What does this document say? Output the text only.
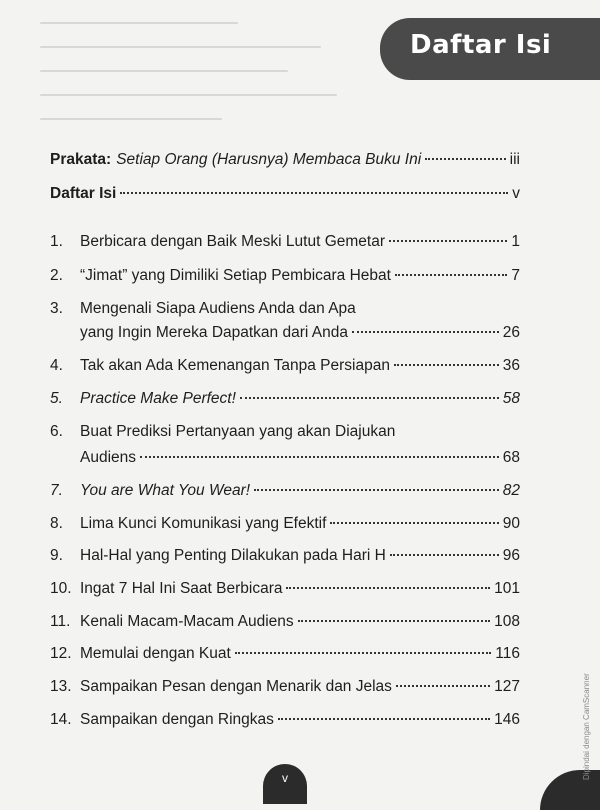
Daftar Isi
Prakata: Setiap Orang (Harusnya) Membaca Buku Ini	iii
Daftar Isi	v
1.	Berbicara dengan Baik Meski Lutut Gemetar	1
2.	“Jimat” yang Dimiliki Setiap Pembicara Hebat	7
3.	Mengenali Siapa Audiens Anda dan Apa
yang Ingin Mereka Dapatkan dari Anda	26
4.	Tak akan Ada Kemenangan Tanpa Persiapan	36
5.	Practice Make Perfect!	58
6.	Buat Prediksi Pertanyaan yang akan Diajukan
Audiens	68
7.	You are What You Wear!	82
8.	Lima Kunci Komunikasi yang Efektif	90
9.	Hal-Hal yang Penting Dilakukan pada Hari H	96
10. Ingat 7 Hal Ini Saat Berbicara	101
11. Kenali Macam-Macam Audiens	108
12. Memulai dengan Kuat	116
13. Sampaikan Pesan dengan Menarik dan Jelas	127
14. Sampaikan dengan Ringkas	146
v	Dipindai dengan CamScanner
